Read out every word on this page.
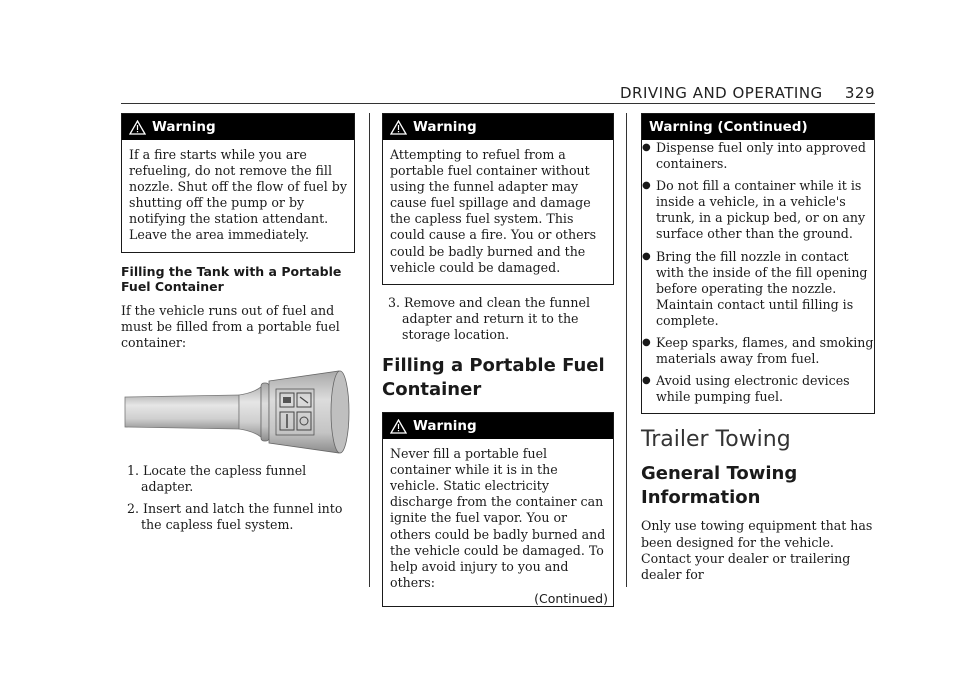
DRIVING AND OPERATING 329
Warning
If a fire starts while you are refueling, do not remove the fill nozzle. Shut off the flow of fuel by shutting off the pump or by notifying the station attendant. Leave the area immediately.
Filling the Tank with a Portable Fuel Container
If the vehicle runs out of fuel and must be filled from a portable fuel container:
1. Locate the capless funnel adapter.
2. Insert and latch the funnel into the capless fuel system.
Warning
Attempting to refuel from a portable fuel container without using the funnel adapter may cause fuel spillage and damage the capless fuel system. This could cause a fire. You or others could be badly burned and the vehicle could be damaged.
3. Remove and clean the funnel adapter and return it to the storage location.
Filling a Portable Fuel Container
Warning
Never fill a portable fuel container while it is in the vehicle. Static electricity discharge from the container can ignite the fuel vapor. You or others could be badly burned and the vehicle could be damaged. To help avoid injury to you and others:
(Continued)
Warning (Continued)
● Dispense fuel only into approved containers.
● Do not fill a container while it is inside a vehicle, in a vehicle's trunk, in a pickup bed, or on any surface other than the ground.
● Bring the fill nozzle in contact with the inside of the fill opening before operating the nozzle. Maintain contact until filling is complete.
● Keep sparks, flames, and smoking materials away from fuel.
● Avoid using electronic devices while pumping fuel.
Trailer Towing
General Towing Information
Only use towing equipment that has been designed for the vehicle. Contact your dealer or trailering dealer for
